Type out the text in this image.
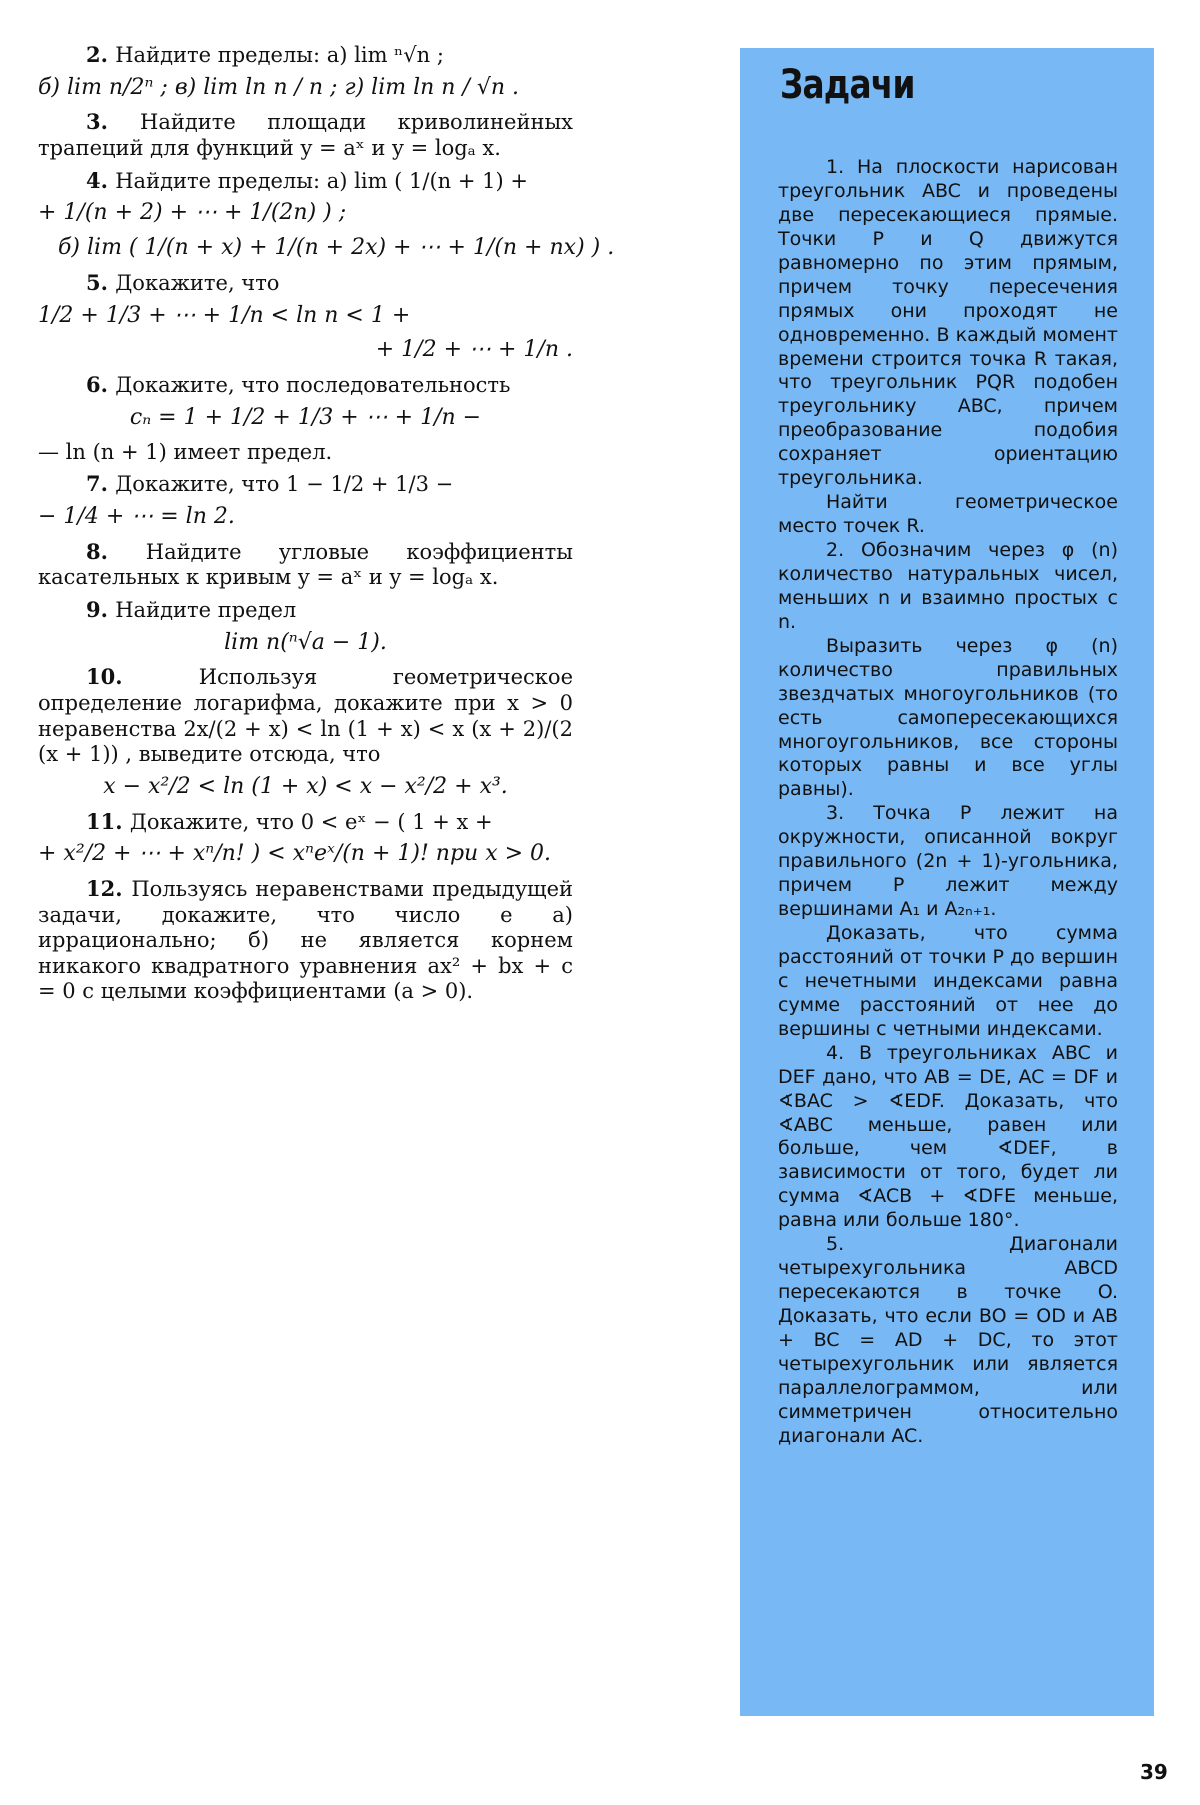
2. Найдите пределы: а) lim ⁿ√n ;

б) lim n/2ⁿ ; в) lim ln n / n ; г) lim ln n / √n .

3. Найдите площади криволинейных трапеций для функций y = aˣ и y = logₐ x.

4. Найдите пределы: а) lim ( 1/(n + 1) +

+ 1/(n + 2) + ⋯ + 1/(2n) ) ;
б) lim ( 1/(n + x) + 1/(n + 2x) + ⋯ + 1/(n + nx) ) .

5. Докажите, что

1/2 + 1/3 + ⋯ + 1/n < ln n < 1 +
+ 1/2 + ⋯ + 1/n .

6. Докажите, что последовательность

cₙ = 1 + 1/2 + 1/3 + ⋯ + 1/n −

— ln (n + 1) имеет предел.

7. Докажите, что 1 − 1/2 + 1/3 −

− 1/4 + ⋯ = ln 2.

8. Найдите угловые коэффициенты касательных к кривым y = aˣ и y = logₐ x.

9. Найдите предел

lim n(ⁿ√a − 1).

10. Используя геометрическое определение логарифма, докажите при x > 0 неравенства 2x/(2 + x) < ln (1 + x) < x (x + 2)/(2 (x + 1)) , выведите отсюда, что

x − x²/2 < ln (1 + x) < x − x²/2 + x³.

11. Докажите, что 0 < eˣ − ( 1 + x +

+ x²/2 + ⋯ + xⁿ/n! ) < xⁿeˣ/(n + 1)! при x > 0.

12. Пользуясь неравенствами предыдущей задачи, докажите, что число e а) иррационально; б) не является корнем никакого квадратного уравнения ax² + bx + c = 0 с целыми коэффициентами (a > 0).

Задачи

1. На плоскости нарисован треугольник ABC и проведены две пересекающиеся прямые. Точки P и Q движутся равномерно по этим прямым, причем точку пересечения прямых они проходят не одновременно. В каждый момент времени строится точка R такая, что треугольник PQR подобен треугольнику ABC, причем преобразование подобия сохраняет ориентацию треугольника.

Найти геометрическое место точек R.

2. Обозначим через φ (n) количество натуральных чисел, меньших n и взаимно простых с n.

Выразить через φ (n) количество правильных звездчатых многоугольников (то есть самопересекающихся многоугольников, все стороны которых равны и все углы равны).

3. Точка P лежит на окружности, описанной вокруг правильного (2n + 1)-угольника, причем P лежит между вершинами A₁ и A₂ₙ₊₁.

Доказать, что сумма расстояний от точки P до вершин с нечетными индексами равна сумме расстояний от нее до вершины с четными индексами.

4. В треугольниках ABC и DEF дано, что AB = DE, AC = DF и ∢BAC > ∢EDF. Доказать, что ∢ABC меньше, равен или больше, чем ∢DEF, в зависимости от того, будет ли сумма ∢ACB + ∢DFE меньше, равна или больше 180°.

5. Диагонали четырехугольника ABCD пересекаются в точке O. Доказать, что если BO = OD и AB + BC = AD + DC, то этот четырехугольник или является параллелограммом, или симметричен относительно диагонали AC.

39
